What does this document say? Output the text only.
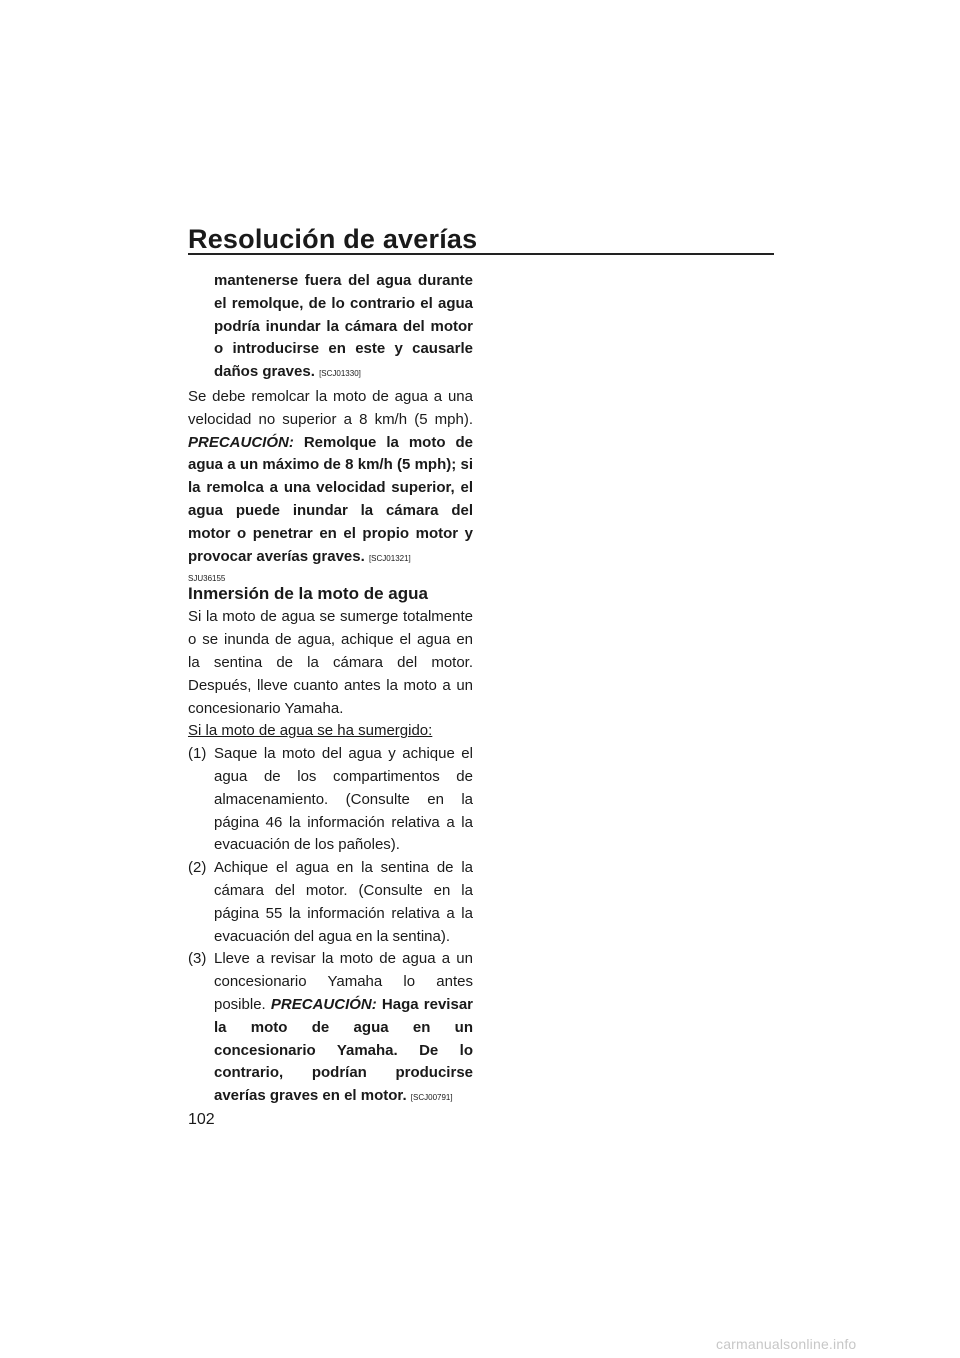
Resolución de averías

mantenerse fuera del agua durante el remolque, de lo contrario el agua podría inundar la cámara del motor o introducirse en este y causarle daños graves. [SCJ01330]

Se debe remolcar la moto de agua a una velocidad no superior a 8 km/h (5 mph). PRECAUCIÓN: Remolque la moto de agua a un máximo de 8 km/h (5 mph); si la remolca a una velocidad superior, el agua puede inundar la cámara del motor o penetrar en el propio motor y provocar averías graves. [SCJ01321]

SJU36155
Inmersión de la moto de agua

Si la moto de agua se sumerge totalmente o se inunda de agua, achique el agua en la sentina de la cámara del motor. Después, lleve cuanto antes la moto a un concesionario Yamaha.

Si la moto de agua se ha sumergido:

(1) Saque la moto del agua y achique el agua de los compartimentos de almacenamiento. (Consulte en la página 46 la información relativa a la evacuación de los pañoles).

(2) Achique el agua en la sentina de la cámara del motor. (Consulte en la página 55 la información relativa a la evacuación del agua en la sentina).

(3) Lleve a revisar la moto de agua a un concesionario Yamaha lo antes posible. PRECAUCIÓN: Haga revisar la moto de agua en un concesionario Yamaha. De lo contrario, podrían producirse averías graves en el motor. [SCJ00791]

102
carmanualsonline.info
